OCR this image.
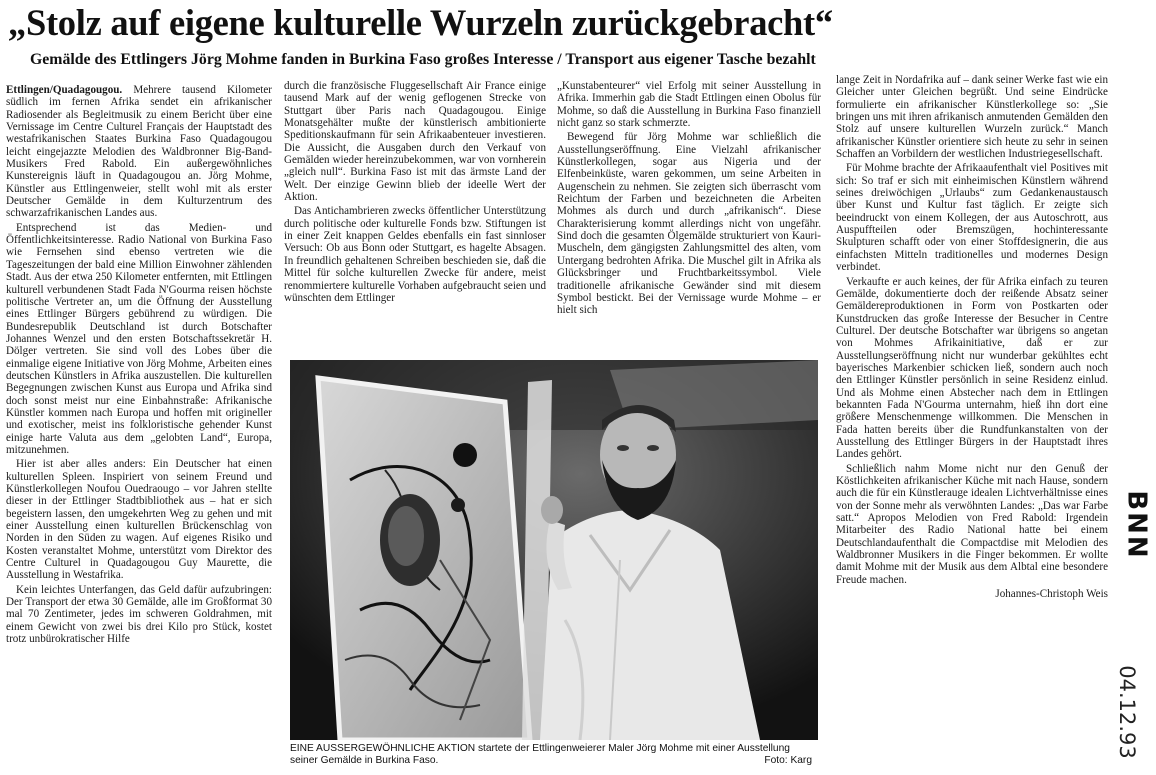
„Stolz auf eigene kulturelle Wurzeln zurückgebracht“
Gemälde des Ettlingers Jörg Mohme fanden in Burkina Faso großes Interesse / Transport aus eigener Tasche bezahlt

Ettlingen/Quadagougou. Mehrere tausend Kilometer südlich im fernen Afrika sendet ein afrikanischer Radiosender als Begleitmusik zu einem Bericht über eine Vernissage im Centre Culturel Français der Hauptstadt des westafrikanischen Staates Burkina Faso Quadagougou leicht eingejazzte Melodien des Waldbronner Big-Band-Musikers Fred Rabold. Ein außergewöhnliches Kunstereignis läuft in Quadagougou an. Jörg Mohme, Künstler aus Ettlingenweier, stellt wohl mit als erster Deutscher Gemälde in dem Kulturzentrum des schwarzafrikanischen Landes aus.

Entsprechend ist das Medien- und Öffentlichkeitsinteresse. Radio National von Burkina Faso wie Fernsehen sind ebenso vertreten wie die Tageszeitungen der bald eine Million Einwohner zählenden Stadt. Aus der etwa 250 Kilometer entfernten, mit Ettlingen kulturell verbundenen Stadt Fada N'Gourma reisen höchste politische Vertreter an, um die Öffnung der Ausstellung eines Ettlinger Bürgers gebührend zu würdigen. Die Bundesrepublik Deutschland ist durch Botschafter Johannes Wenzel und den ersten Botschaftssekretär H. Dölger vertreten. Sie sind voll des Lobes über die einmalige eigene Initiative von Jörg Mohme, Arbeiten eines deutschen Künstlers in Afrika auszustellen. Die kulturellen Begegnungen zwischen Kunst aus Europa und Afrika sind doch sonst meist nur eine Einbahnstraße: Afrikanische Künstler kommen nach Europa und hoffen mit origineller und exotischer, meist ins folkloristische gehender Kunst einige harte Valuta aus dem „gelobten Land“, Europa, mitzunehmen.

Hier ist aber alles anders: Ein Deutscher hat einen kulturellen Spleen. Inspiriert von seinem Freund und Künstlerkollegen Noufou Ouedraougo – vor Jahren stellte dieser in der Ettlinger Stadtbibliothek aus – hat er sich begeistern lassen, den umgekehrten Weg zu gehen und mit einer Ausstellung einen kulturellen Brückenschlag von Norden in den Süden zu wagen. Auf eigenes Risiko und Kosten veranstaltet Mohme, unterstützt vom Direktor des Centre Culturel in Quadagougou Guy Maurette, die Ausstellung in Westafrika.

Kein leichtes Unterfangen, das Geld dafür aufzubringen: Der Transport der etwa 30 Gemälde, alle im Großformat 30 mal 70 Zentimeter, jedes im schweren Goldrahmen, mit einem Gewicht von zwei bis drei Kilo pro Stück, kostet trotz unbürokratischer Hilfe

durch die französische Fluggesellschaft Air France einige tausend Mark auf der wenig geflogenen Strecke von Stuttgart über Paris nach Quadagougou. Einige Monatsgehälter mußte der künstlerisch ambitionierte Speditionskaufmann für sein Afrikaabenteuer investieren. Die Aussicht, die Ausgaben durch den Verkauf von Gemälden wieder hereinzubekommen, war von vornherein „gleich null“. Burkina Faso ist mit das ärmste Land der Welt. Der einzige Gewinn blieb der ideelle Wert der Aktion.

Das Antichambrieren zwecks öffentlicher Unterstützung durch politische oder kulturelle Fonds bzw. Stiftungen ist in einer Zeit knappen Geldes ebenfalls ein fast sinnloser Versuch: Ob aus Bonn oder Stuttgart, es hagelte Absagen. In freundlich gehaltenen Schreiben beschieden sie, daß die Mittel für solche kulturellen Zwecke für andere, meist renommiertere kulturelle Vorhaben aufgebraucht seien und wünschten dem Ettlinger

„Kunstabenteurer“ viel Erfolg mit seiner Ausstellung in Afrika. Immerhin gab die Stadt Ettlingen einen Obolus für Mohme, so daß die Ausstellung in Burkina Faso finanziell nicht ganz so stark schmerzte.

Bewegend für Jörg Mohme war schließlich die Ausstellungseröffnung. Eine Vielzahl afrikanischer Künstlerkollegen, sogar aus Nigeria und der Elfenbeinküste, waren gekommen, um seine Arbeiten in Augenschein zu nehmen. Sie zeigten sich überrascht vom Reichtum der Farben und bezeichneten die Arbeiten Mohmes als durch und durch „afrikanisch“. Diese Charakterisierung kommt allerdings nicht von ungefähr. Sind doch die gesamten Ölgemälde strukturiert von Kauri-Muscheln, dem gängigsten Zahlungsmittel des alten, vom Untergang bedrohten Afrika. Die Muschel gilt in Afrika als Glücksbringer und Fruchtbarkeitssymbol. Viele traditionelle afrikanische Gewänder sind mit diesem Symbol bestickt. Bei der Vernissage wurde Mohme – er hielt sich

lange Zeit in Nordafrika auf – dank seiner Werke fast wie ein Gleicher unter Gleichen begrüßt. Und seine Eindrücke formulierte ein afrikanischer Künstlerkollege so: „Sie bringen uns mit ihren afrikanisch anmutenden Gemälden den Stolz auf unsere kulturellen Wurzeln zurück.“ Manch afrikanischer Künstler orientiere sich heute zu sehr in seinen Schaffen an Vorbildern der westlichen Industriegesellschaft.

Für Mohme brachte der Afrikaaufenthalt viel Positives mit sich: So traf er sich mit einheimischen Künstlern während seines dreiwöchigen „Urlaubs“ zum Gedankenaustausch über Kunst und Kultur fast täglich. Er zeigte sich beeindruckt von einem Kollegen, der aus Autoschrott, aus Auspuffteilen oder Bremszügen, hochinteressante Skulpturen schafft oder von einer Stoffdesignerin, die aus einfachsten Mitteln traditionelles und modernes Design verbindet.

Verkaufte er auch keines, der für Afrika einfach zu teuren Gemälde, dokumentierte doch der reißende Absatz seiner Gemäldereproduktionen in Form von Postkarten oder Kunstdrucken das große Interesse der Besucher in Centre Culturel. Der deutsche Botschafter war übrigens so angetan von Mohmes Afrikainitiative, daß er zur Ausstellungseröffnung nicht nur wunderbar gekühltes echt bayerisches Markenbier schicken ließ, sondern auch noch den Ettlinger Künstler persönlich in seine Residenz einlud. Und als Mohme einen Abstecher nach dem in Ettlingen bekannten Fada N'Gourma unternahm, hieß ihn dort eine größere Menschenmenge willkommen. Die Menschen in Fada hatten bereits über die Rundfunkanstalten von der Ausstellung des Ettlinger Bürgers in der Hauptstadt ihres Landes gehört.

Schließlich nahm Mome nicht nur den Genuß der Köstlichkeiten afrikanischer Küche mit nach Hause, sondern auch die für ein Künstlerauge idealen Lichtverhältnisse eines von der Sonne mehr als verwöhnten Landes: „Das war Farbe satt.“ Apropos Melodien von Fred Rabold: Irgendein Mitarbeiter des Radio National hatte bei einem Deutschlandaufenthalt die Compactdise mit Melodien des Waldbronner Musikers in die Finger bekommen. Er wollte damit Mohme mit der Musik aus dem Albtal eine besondere Freude machen.

Johannes-Christoph Weis

EINE AUSSERGEWÖHNLICHE AKTION startete der Ettlingenweierer Maler Jörg Mohme mit einer Ausstellung seiner Gemälde in Burkina Faso.	Foto: Karg
BNN
04.12.93
